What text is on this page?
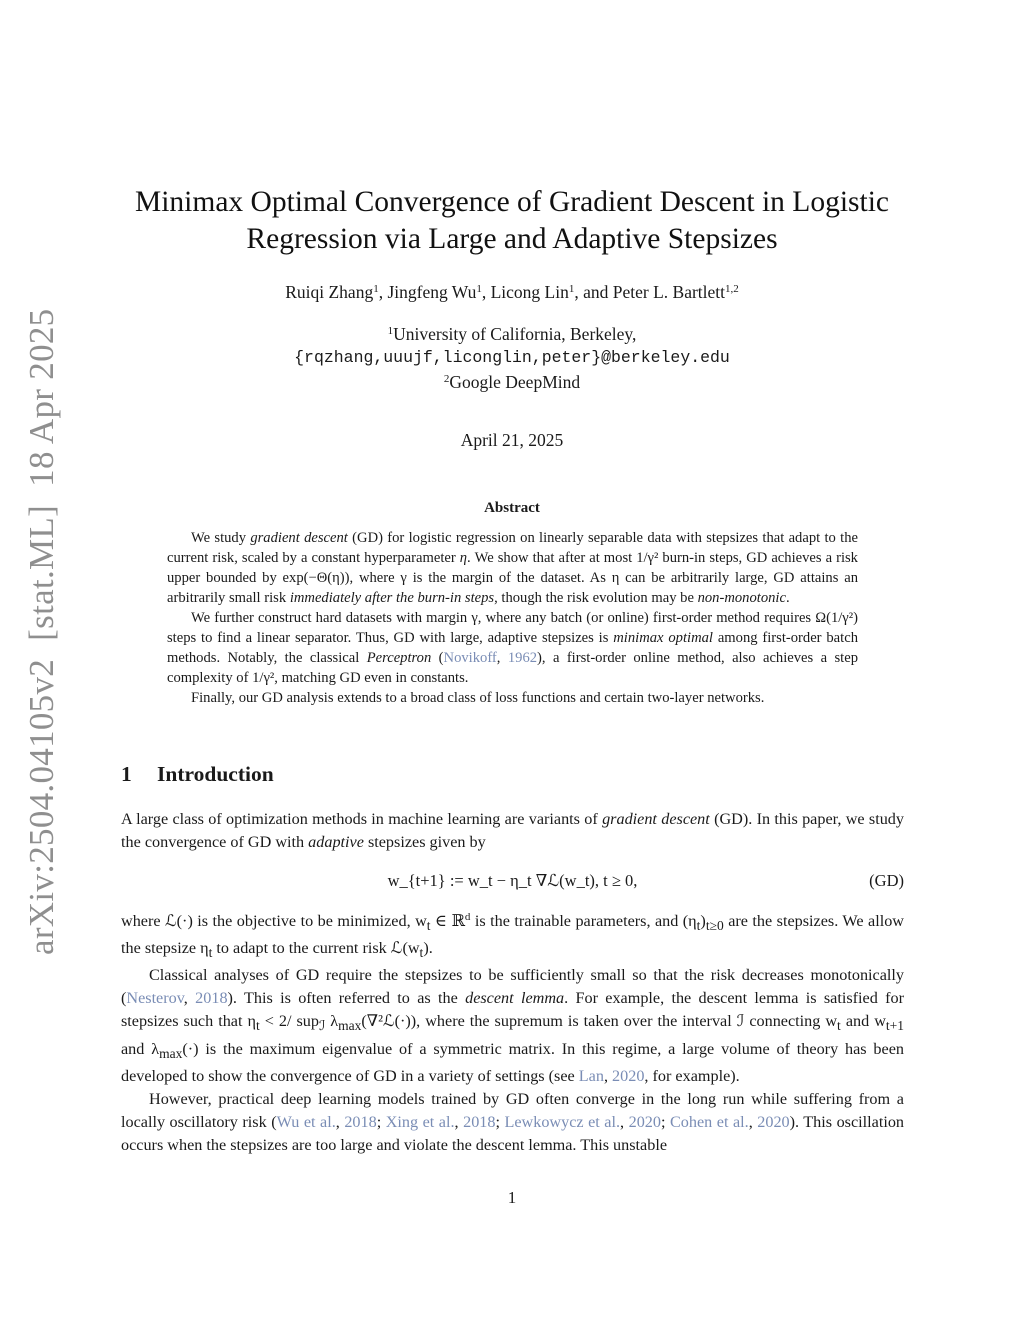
arXiv:2504.04105v2  [stat.ML]  18 Apr 2025
Minimax Optimal Convergence of Gradient Descent in Logistic
Regression via Large and Adaptive Stepsizes
Ruiqi Zhang$^1$, Jingfeng Wu$^1$, Licong Lin$^1$, and Peter L. Bartlett$^{1,2}$
$^1$University of California, Berkeley,
{rqzhang,uuujf,liconglin,peter}@berkeley.edu
$^2$Google DeepMind
April 21, 2025
Abstract

We study gradient descent (GD) for logistic regression on linearly separable data with stepsizes that adapt to the current risk, scaled by a constant hyperparameter η. We show that after at most 1/γ² burn-in steps, GD achieves a risk upper bounded by exp(−Θ(η)), where γ is the margin of the dataset. As η can be arbitrarily large, GD attains an arbitrarily small risk immediately after the burn-in steps, though the risk evolution may be non-monotonic.

We further construct hard datasets with margin γ, where any batch (or online) first-order method requires Ω(1/γ²) steps to find a linear separator. Thus, GD with large, adaptive stepsizes is minimax optimal among first-order batch methods. Notably, the classical Perceptron (Novikoff, 1962), a first-order online method, also achieves a step complexity of 1/γ², matching GD even in constants.

Finally, our GD analysis extends to a broad class of loss functions and certain two-layer networks.

1 Introduction

A large class of optimization methods in machine learning are variants of gradient descent (GD). In this paper, we study the convergence of GD with adaptive stepsizes given by

w_{t+1} := w_t − η_t ∇ℒ(w_t), t ≥ 0,	(GD)

where ℒ(·) is the objective to be minimized, $w_t$ ∈ ℝ$^d$ is the trainable parameters, and $(\eta_t)_{t\ge 0}$ are the stepsizes. We allow the stepsize $\eta_t$ to adapt to the current risk $ℒ(w_t)$.

Classical analyses of GD require the stepsizes to be sufficiently small so that the risk decreases monotonically (Nesterov, 2018). This is often referred to as the descent lemma. For example, the descent lemma is satisfied for stepsizes such that $\eta_t < 2/$ sup$_ℐ$ $\lambda_{max}(\nabla^2ℒ(\cdot))$, where the supremum is taken over the interval ℐ connecting $w_t$ and $w_{t+1}$ and $\lambda_{max}(\cdot)$ is the maximum eigenvalue of a symmetric matrix. In this regime, a large volume of theory has been developed to show the convergence of GD in a variety of settings (see Lan, 2020, for example).

However, practical deep learning models trained by GD often converge in the long run while suffering from a locally oscillatory risk (Wu et al., 2018; Xing et al., 2018; Lewkowycz et al., 2020; Cohen et al., 2020). This oscillation occurs when the stepsizes are too large and violate the descent lemma. This unstable

1
